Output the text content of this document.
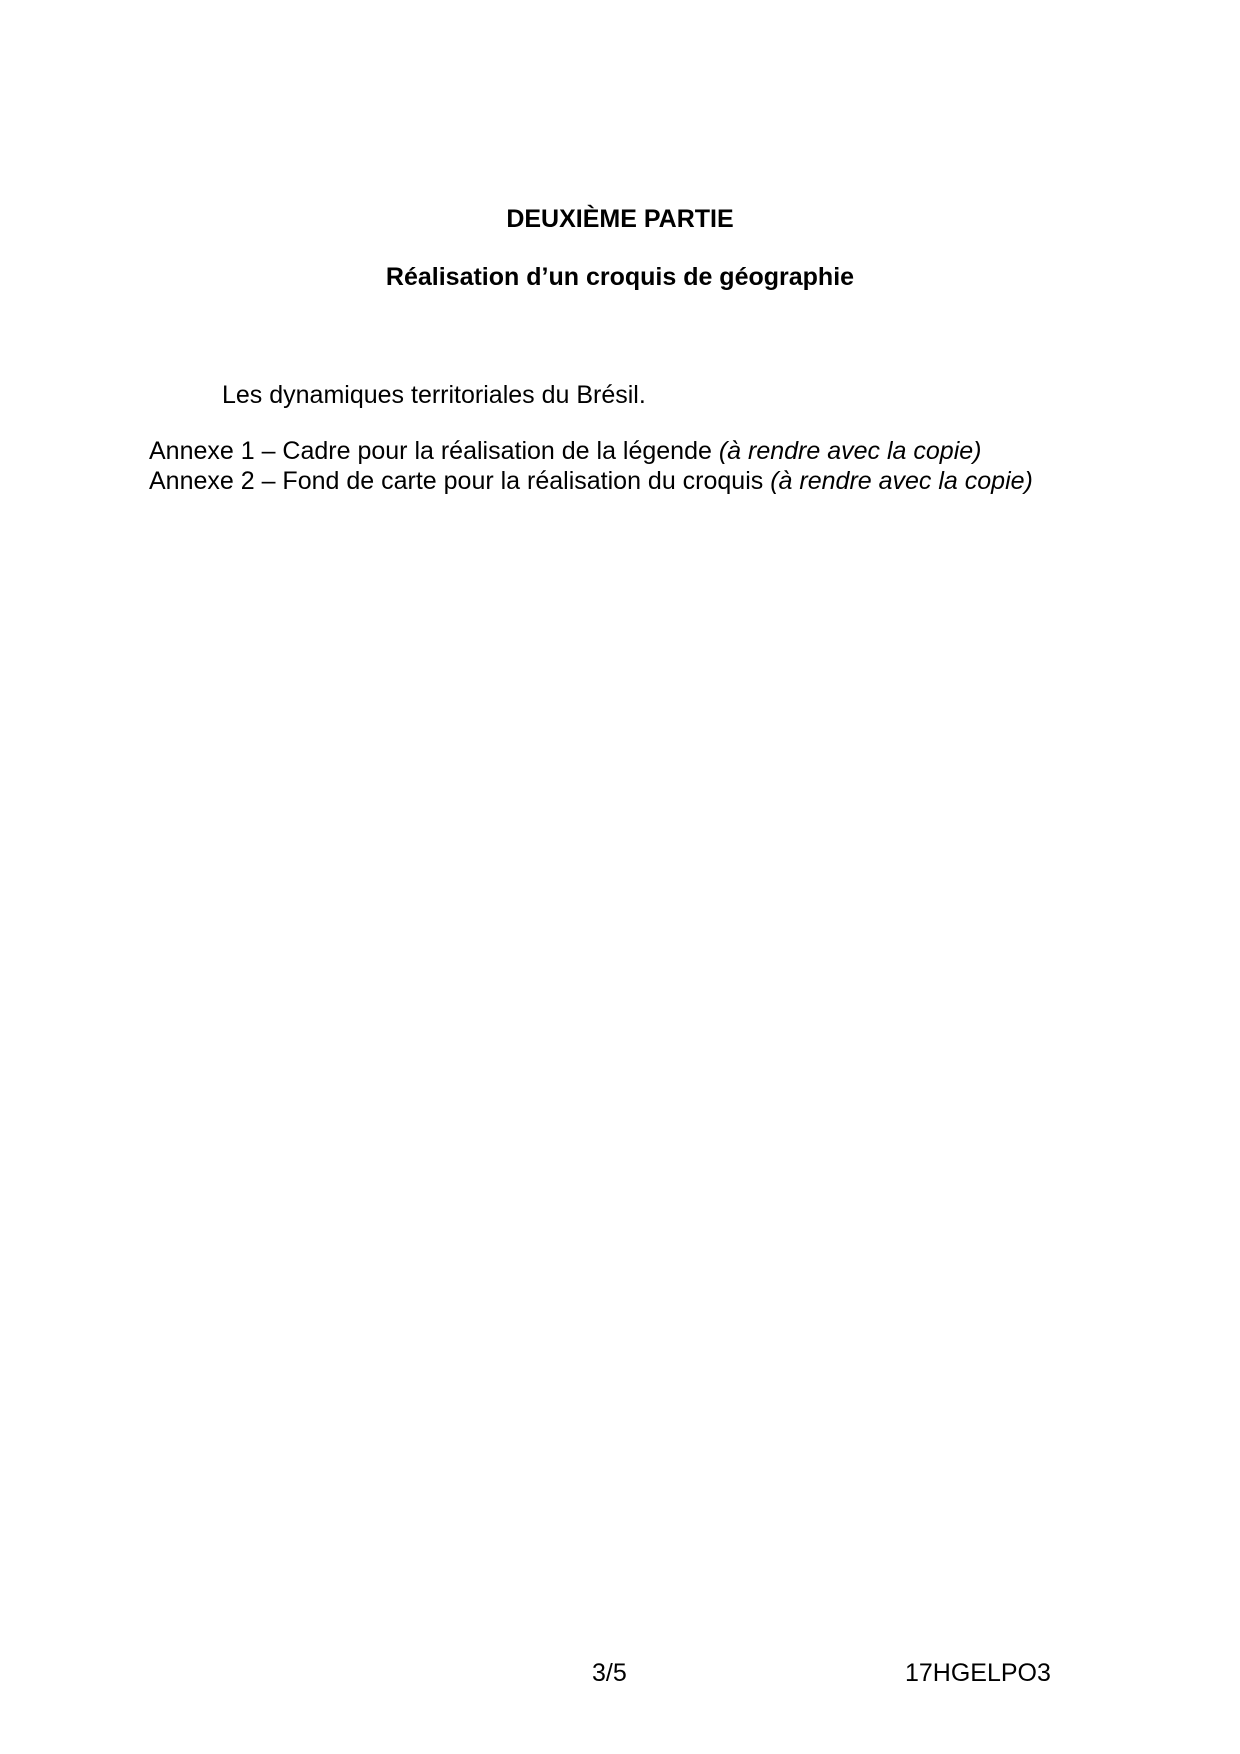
DEUXIÈME PARTIE
Réalisation d’un croquis de géographie
Les dynamiques territoriales du Brésil.
Annexe 1 – Cadre pour la réalisation de la légende (à rendre avec la copie)
Annexe 2 – Fond de carte pour la réalisation du croquis (à rendre avec la copie)
3/5	17HGELPO3
